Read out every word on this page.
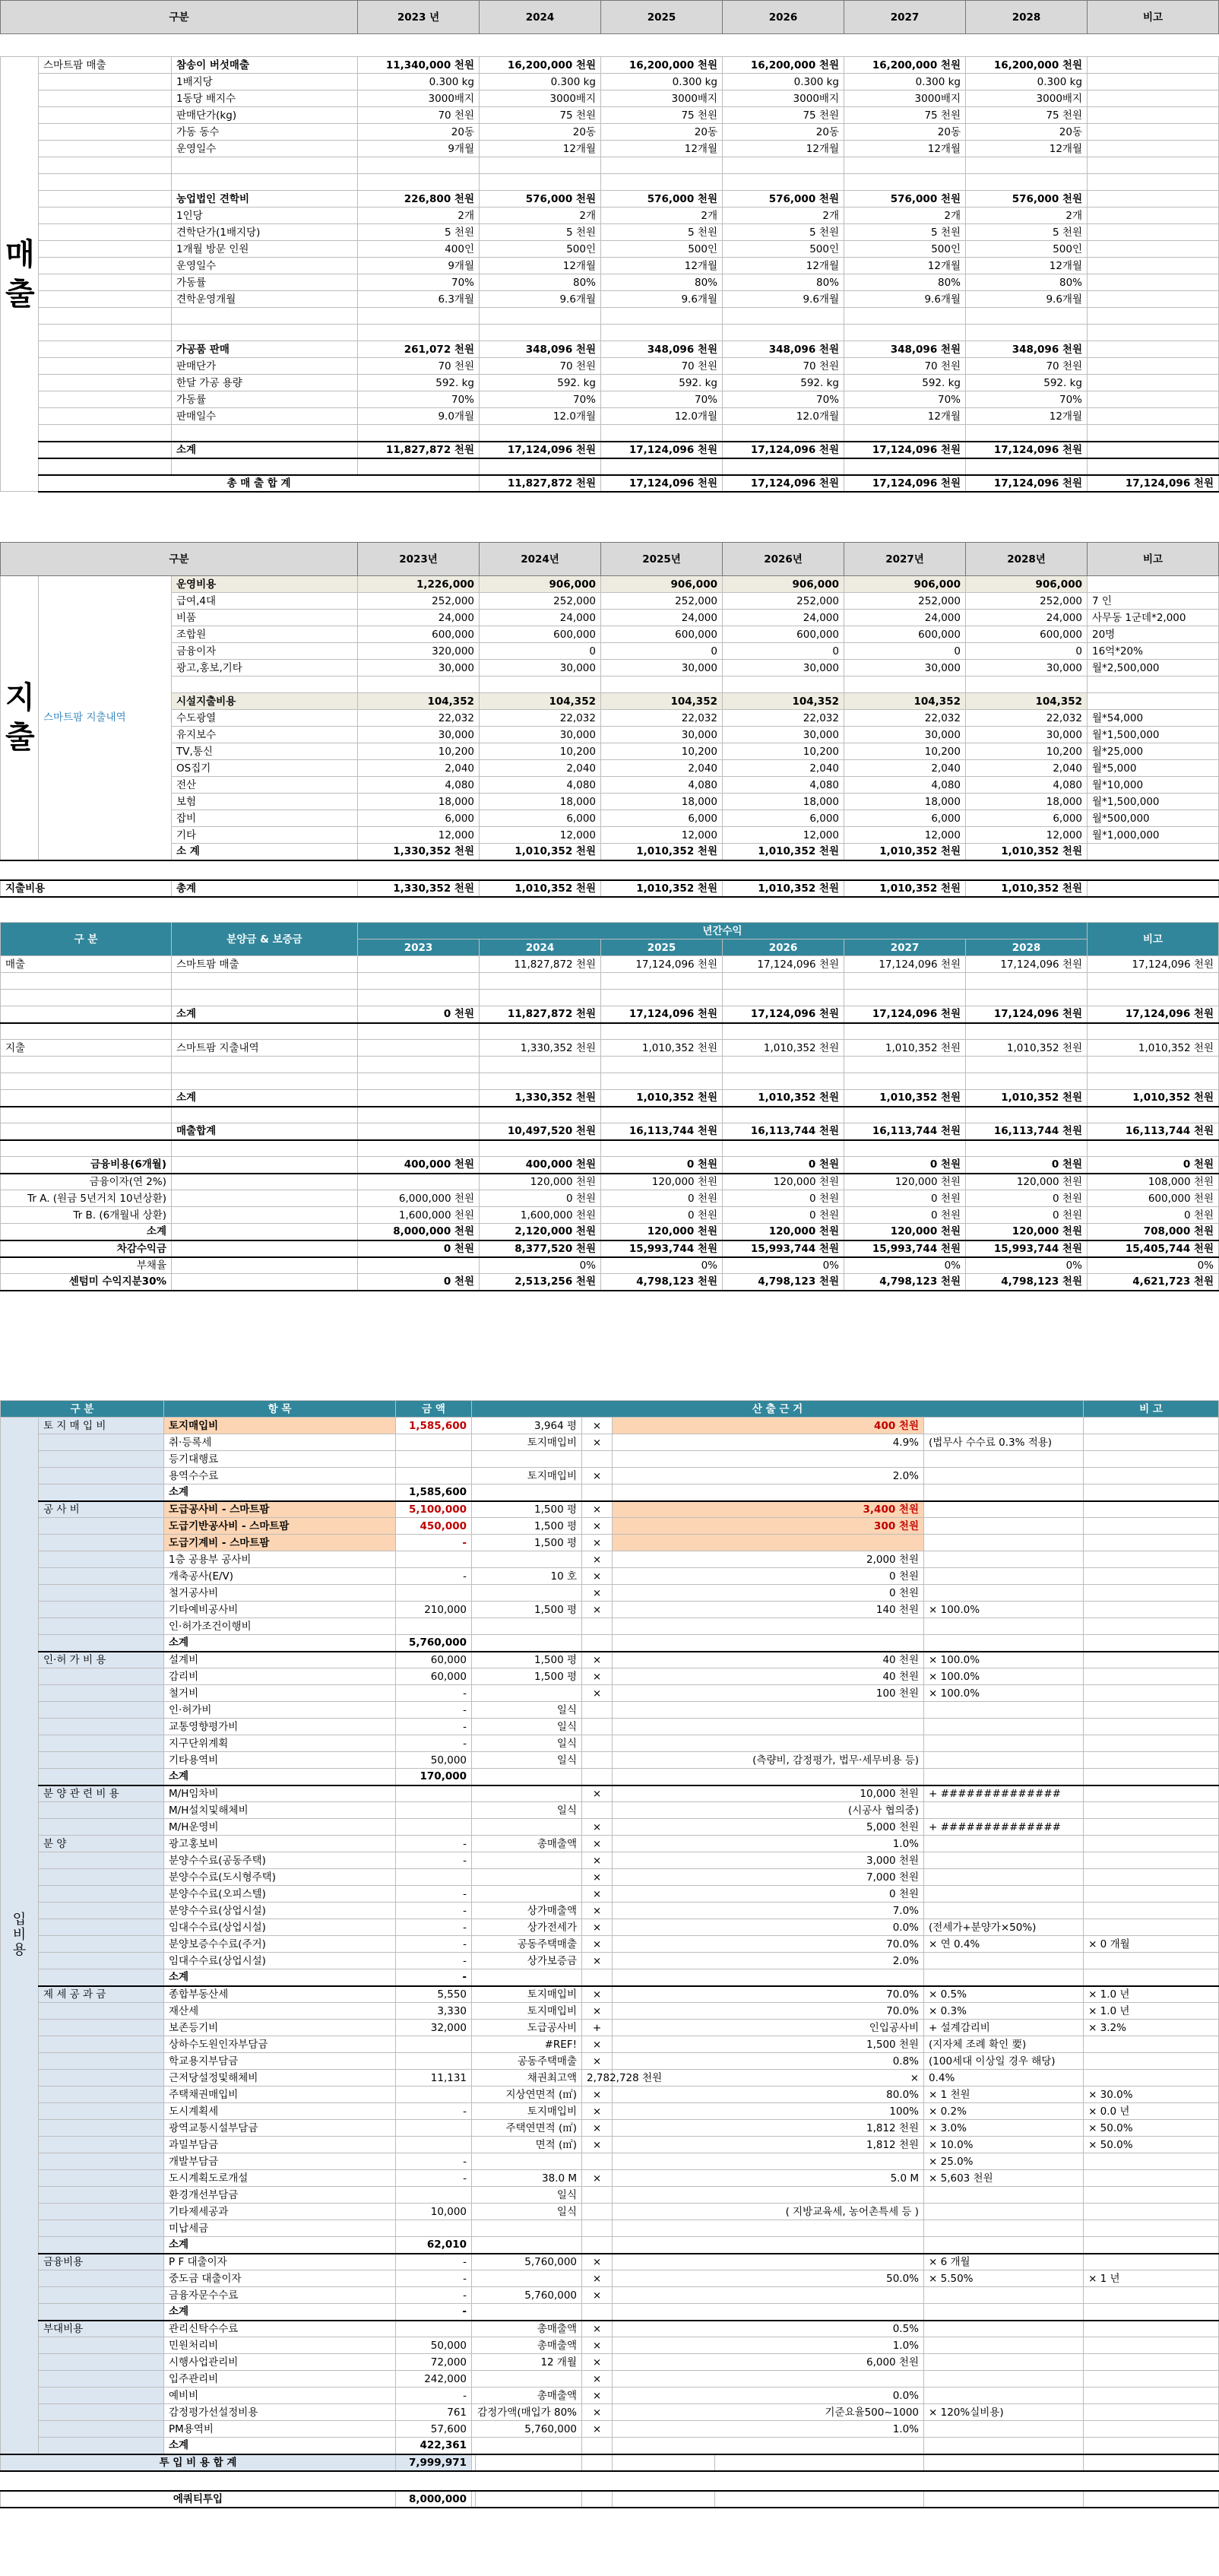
구분			2023 년	2024	2025	2026	2027	2028	비고	

매 출	스마트팜 매출	참송이 버섯매출	11,340,000 천원	16,200,000 천원	16,200,000 천원	16,200,000 천원	16,200,000 천원	16,200,000 천원		
		1배지당	0.300 kg	0.300 kg	0.300 kg	0.300 kg	0.300 kg	0.300 kg		
		1동당 배지수	3000배지	3000배지	3000배지	3000배지	3000배지	3000배지		
		판매단가(kg)	70 천원	75 천원	75 천원	75 천원	75 천원	75 천원		
		가동 동수	20동	20동	20동	20동	20동	20동		
		운영일수	9개월	12개월	12개월	12개월	12개월	12개월		

		농업법인 견학비	226,800 천원	576,000 천원	576,000 천원	576,000 천원	576,000 천원	576,000 천원		
		1인당	2개	2개	2개	2개	2개	2개		
		견학단가(1배지당)	5 천원	5 천원	5 천원	5 천원	5 천원	5 천원		
		1개월 방문 인원	400인	500인	500인	500인	500인	500인		
		운영일수	9개월	12개월	12개월	12개월	12개월	12개월		
		가동률	70%	80%	80%	80%	80%	80%		
		견학운영개월	6.3개월	9.6개월	9.6개월	9.6개월	9.6개월	9.6개월		

		가공품 판매	261,072 천원	348,096 천원	348,096 천원	348,096 천원	348,096 천원	348,096 천원		
		판매단가	70 천원	70 천원	70 천원	70 천원	70 천원	70 천원		
		한달 가공 용량	592. kg	592. kg	592. kg	592. kg	592. kg	592. kg		
		가동률	70%	70%	70%	70%	70%	70%		
		판매일수	9.0개월	12.0개월	12.0개월	12.0개월	12개월	12개월		

		소계	11,827,872 천원	17,124,096 천원	17,124,096 천원	17,124,096 천원	17,124,096 천원	17,124,096 천원		

	총 매 출 합 계			11,827,872 천원	17,124,096 천원	17,124,096 천원	17,124,096 천원	17,124,096 천원	17,124,096 천원	
구분			2023년	2024년	2025년	2026년	2027년	2028년	비고
지 출	스마트팜 지출내역	운영비용	1,226,000	906,000	906,000	906,000	906,000	906,000	
		급여,4대	252,000	252,000	252,000	252,000	252,000	252,000	7 인
		비품	24,000	24,000	24,000	24,000	24,000	24,000	사무동 1군데*2,000
		조합원	600,000	600,000	600,000	600,000	600,000	600,000	20명
		금융이자	320,000	0	0	0	0	0	16억*20%
		광고,홍보,기타	30,000	30,000	30,000	30,000	30,000	30,000	월*2,500,000

		시설지출비용	104,352	104,352	104,352	104,352	104,352	104,352	
		수도광열	22,032	22,032	22,032	22,032	22,032	22,032	월*54,000
		유지보수	30,000	30,000	30,000	30,000	30,000	30,000	월*1,500,000
		TV,통신	10,200	10,200	10,200	10,200	10,200	10,200	월*25,000
		OS집기	2,040	2,040	2,040	2,040	2,040	2,040	월*5,000
		전산	4,080	4,080	4,080	4,080	4,080	4,080	월*10,000
		보험	18,000	18,000	18,000	18,000	18,000	18,000	월*1,500,000
		잡비	6,000	6,000	6,000	6,000	6,000	6,000	월*500,000
		기타	12,000	12,000	12,000	12,000	12,000	12,000	월*1,000,000
		소 계	1,330,352 천원	1,010,352 천원	1,010,352 천원	1,010,352 천원	1,010,352 천원	1,010,352 천원	

지출비용		총계	1,330,352 천원	1,010,352 천원	1,010,352 천원	1,010,352 천원	1,010,352 천원	1,010,352 천원	
구 분	분양금 & 보증금	년간수익						비고	
		2023	2024	2025	2026	2027	2028		
매출	스마트팜 매출		11,827,872 천원	17,124,096 천원	17,124,096 천원	17,124,096 천원	17,124,096 천원	17,124,096 천원	

	소계	0 천원	11,827,872 천원	17,124,096 천원	17,124,096 천원	17,124,096 천원	17,124,096 천원	17,124,096 천원	

지출	스마트팜 지출내역		1,330,352 천원	1,010,352 천원	1,010,352 천원	1,010,352 천원	1,010,352 천원	1,010,352 천원	

	소계		1,330,352 천원	1,010,352 천원	1,010,352 천원	1,010,352 천원	1,010,352 천원	1,010,352 천원	

	매출합계		10,497,520 천원	16,113,744 천원	16,113,744 천원	16,113,744 천원	16,113,744 천원	16,113,744 천원	

금융비용(6개월)		400,000 천원	400,000 천원	0 천원	0 천원	0 천원	0 천원	0 천원	
금융이자(연 2%)			120,000 천원	120,000 천원	120,000 천원	120,000 천원	120,000 천원	108,000 천원	
Tr A. (원금 5년거치 10년상환)		6,000,000 천원	0 천원	0 천원	0 천원	0 천원	0 천원	600,000 천원	
Tr B. (6개월내 상환)		1,600,000 천원	1,600,000 천원	0 천원	0 천원	0 천원	0 천원	0 천원	
소계		8,000,000 천원	2,120,000 천원	120,000 천원	120,000 천원	120,000 천원	120,000 천원	708,000 천원	
차감수익금		0 천원	8,377,520 천원	15,993,744 천원	15,993,744 천원	15,993,744 천원	15,993,744 천원	15,405,744 천원	
부채율			0%	0%	0%	0%	0%	0%	
센텀미 수익지분30%		0 천원	2,513,256 천원	4,798,123 천원	4,798,123 천원	4,798,123 천원	4,798,123 천원	4,621,723 천원	
구 분		항 목	금 액	산 출 근 거						비 고	
입 비 용	토 지 매 입 비	토지매입비	1,585,600	3,964 평		×	400 천원				
		취·등록세		토지매입비		×	4.9%		(법무사 수수료 0.3% 적용)		
		등기대행료									
		용역수수료		토지매입비		×	2.0%				
		소계	1,585,600								
	공 사 비	도급공사비 - 스마트팜	5,100,000	1,500 평		×	3,400 천원				
		도급기반공사비 - 스마트팜	450,000	1,500 평		×	300 천원				
		도급기계비 - 스마트팜	-	1,500 평		×				
		1층 공용부 공사비				×	2,000 천원				
		개축공사(E/V)	-	10 호		×	0 천원				
		철거공사비				×	0 천원				
		기타예비공사비	210,000	1,500 평		×	140 천원		× 100.0%		
		인·허가조건이행비									
		소계	5,760,000								
	인·허 가 비 용	설계비	60,000	1,500 평		×	40 천원		× 100.0%		
		감리비	60,000	1,500 평		×	40 천원		× 100.0%		
		철거비	-			×	100 천원		× 100.0%		
		인·허가비	-	일식							
		교통영향평가비	-	일식							
		지구단위계획	-	일식							
		기타용역비	50,000	일식			(측량비, 감정평가, 법무·세무비용 등)				
		소계	170,000								
	분 양 관 련 비 용	M/H임차비				×	10,000 천원		+ ##############		
		M/H설치및해체비		일식			(시공사 협의중)				
		M/H운영비				×	5,000 천원		+ ##############		
	분 양	광고홍보비	-	총매출액		×	1.0%				
		분양수수료(공동주택)	-			×	3,000 천원				
		분양수수료(도시형주택)				×	7,000 천원				
		분양수수료(오피스텔)	-			×	0 천원				
		분양수수료(상업시설)	-	상가매출액		×	7.0%				
		임대수수료(상업시설)	-	상가전세가		×	0.0%		(전세가+분양가×50%)		
		분양보증수수료(주거)	-	공동주택매출		×	70.0%		× 연 0.4%	× 0 개월	
		임대수수료(상업시설)	-	상가보증금		×	2.0%				
		소계	-								
	제 세 공 과 금	종합부동산세	5,550	토지매입비		×	70.0%		× 0.5%	× 1.0 년	
		재산세	3,330	토지매입비		×	70.0%		× 0.3%	× 1.0 년	
		보존등기비	32,000	도급공사비		+	인입공사비		+ 설계감리비	× 3.2%	
		상하수도원인자부담금		#REF!		×	1,500 천원		(지자체 조례 확인 要)		
		학교용지부담금		공동주택매출		×	0.8%		(100세대 이상일 경우 해당)		
		근저당설정및해체비	11,131	채권최고액		2,782,728 천원	×		0.4%		
		주택채권매입비		지상연면적 (㎡)		×	80.0%		× 1 천원	× 30.0%	
		도시계획세	-	토지매입비		×	100%		× 0.2%	× 0.0 년	
		광역교통시설부담금		주택연면적 (㎡)		×	1,812 천원		× 3.0%	× 50.0%	
		과밀부담금		면적 (㎡)		×	1,812 천원		× 10.0%	× 50.0%	
		개발부담금	-						× 25.0%		
		도시계획도로개설	-	38.0 M		×	5.0 M		× 5,603 천원		
		환경개선부담금		일식							
		기타제세공과	10,000	일식			( 지방교육세, 농어촌특세 등 )				
		미납세금									
		소계	62,010								
	금융비용	P F 대출이자	-	5,760,000		×			× 6 개월		
		중도금 대출이자	-			×	50.0%		× 5.50%	× 1 년	
		금융자문수수료	-	5,760,000		×					
		소계	-								
	부대비용	관리신탁수수료		총매출액		×	0.5%				
		민원처리비	50,000	총매출액		×	1.0%				
		시행사업관리비	72,000	12 개월		×	6,000 천원				
		입주관리비	242,000			×					
		예비비	-	총매출액		×	0.0%				
		감정평가선설정비용	761	감정가액(매입가 80%		×	기준요율500~1000		× 120%실비용)		
		PM용역비	57,600	5,760,000		×	1.0%				
		소계	422,361								
투 입 비 용 합 계			7,999,971								

에쿼티투입			8,000,000								
